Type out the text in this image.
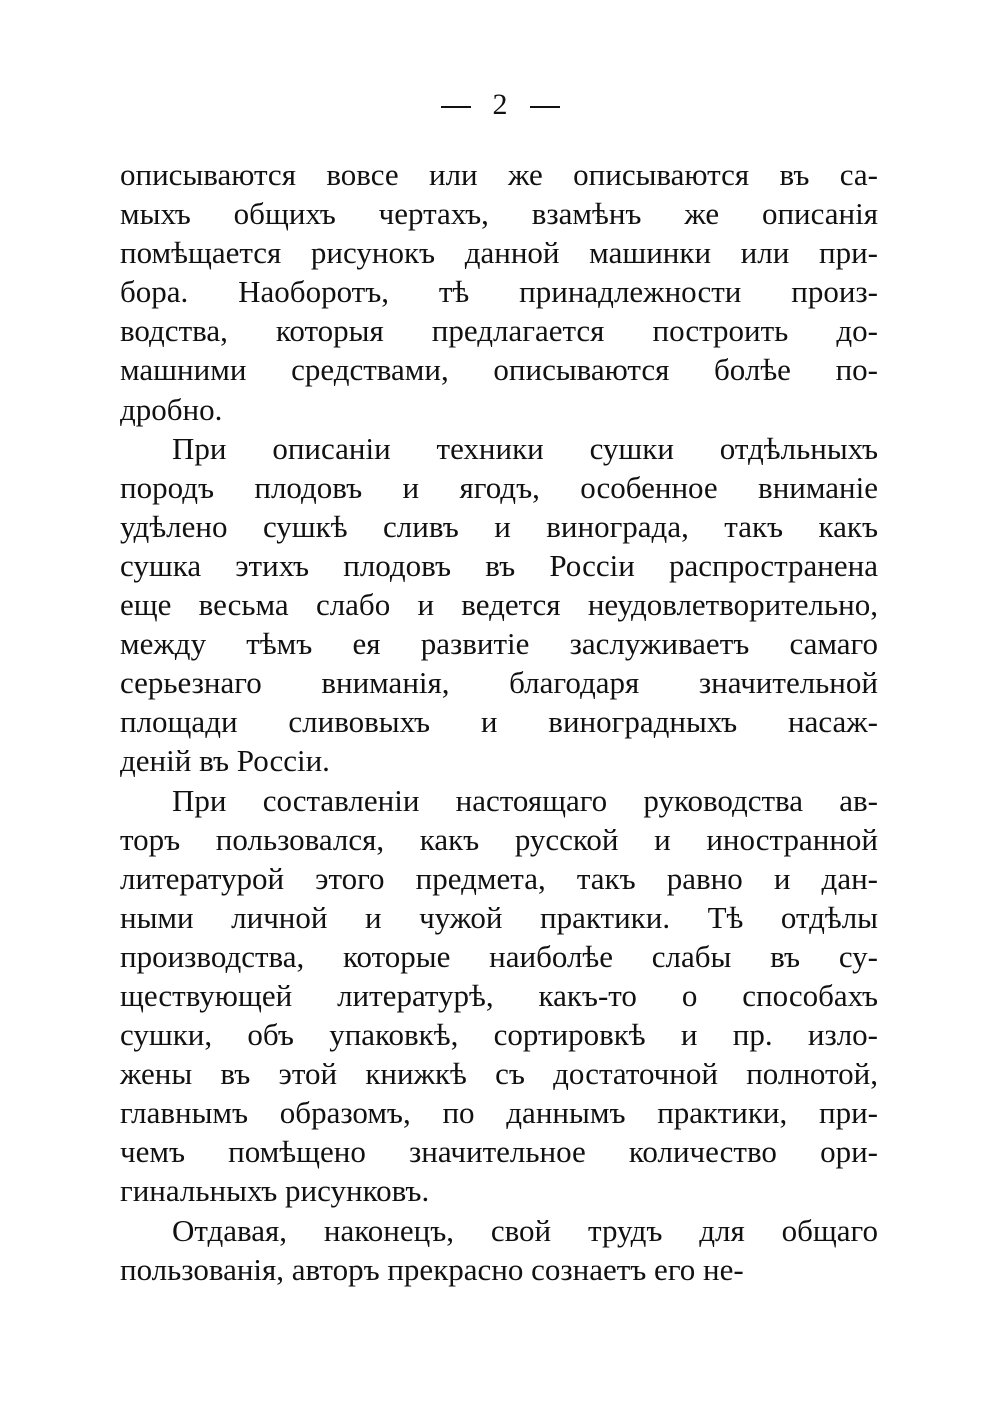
2
описываются вовсе или же описываются въ са-
мыхъ общихъ чертахъ, взамѣнъ же описанія
помѣщается рисунокъ данной машинки или при-
бора. Наоборотъ, тѣ принадлежности произ-
водства, которыя предлагается построить до-
машними средствами, описываются болѣе по-
дробно.
При описаніи техники сушки отдѣльныхъ
породъ плодовъ и ягодъ, особенное вниманіе
удѣлено сушкѣ сливъ и винограда, такъ какъ
сушка этихъ плодовъ въ Россіи распространена
еще весьма слабо и ведется неудовлетворительно,
между тѣмъ ея развитіе заслуживаетъ самаго
серьезнаго вниманія, благодаря значительной
площади сливовыхъ и виноградныхъ насаж-
деній въ Россіи.
При составленіи настоящаго руководства ав-
торъ пользовался, какъ русской и иностранной
литературой этого предмета, такъ равно и дан-
ными личной и чужой практики. Тѣ отдѣлы
производства, которые наиболѣе слабы въ су-
ществующей литературѣ, какъ-то о способахъ
сушки, объ упаковкѣ, сортировкѣ и пр. изло-
жены въ этой книжкѣ съ достаточной полнотой,
главнымъ образомъ, по даннымъ практики, при-
чемъ помѣщено значительное количество ори-
гинальныхъ рисунковъ.
Отдавая, наконецъ, свой трудъ для общаго
пользованія, авторъ прекрасно сознаетъ его не-
